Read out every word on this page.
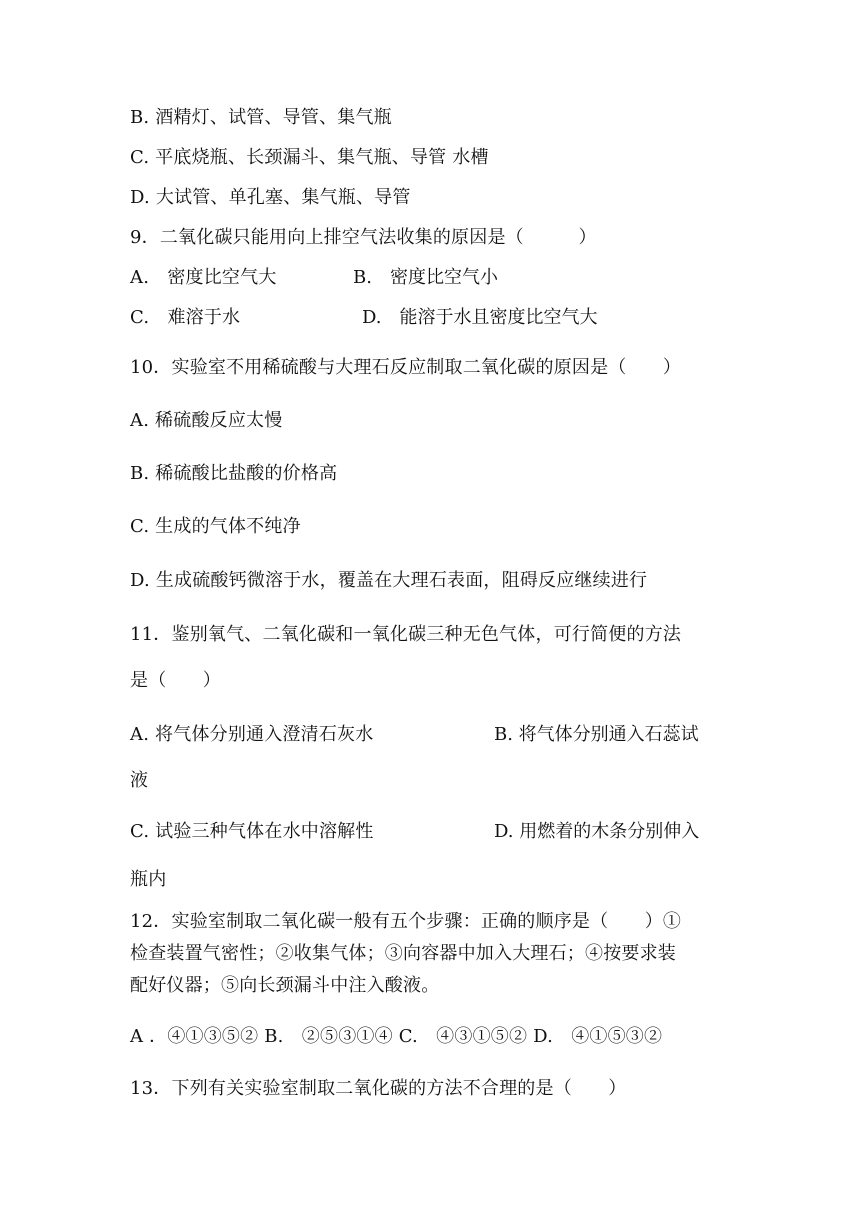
B. 酒精灯、试管、导管、集气瓶
C. 平底烧瓶、长颈漏斗、集气瓶、导管 水槽
D. 大试管、单孔塞、集气瓶、导管
9．二氧化碳只能用向上排空气法收集的原因是（　　　）
A.　密度比空气大	B.　密度比空气小
C.　难溶于水	D.　能溶于水且密度比空气大
10．实验室不用稀硫酸与大理石反应制取二氧化碳的原因是（　　）
A. 稀硫酸反应太慢
B. 稀硫酸比盐酸的价格高
C. 生成的气体不纯净
D. 生成硫酸钙微溶于水，覆盖在大理石表面，阻碍反应继续进行
11．鉴别氧气、二氧化碳和一氧化碳三种无色气体，可行简便的方法
是（　　）
A. 将气体分别通入澄清石灰水	B. 将气体分别通入石蕊试
液
C. 试验三种气体在水中溶解性	D. 用燃着的木条分别伸入
瓶内
12．实验室制取二氧化碳一般有五个步骤：正确的顺序是（　　）①
检查装置气密性；②收集气体；③向容器中加入大理石；④按要求装
配好仪器；⑤向长颈漏斗中注入酸液。
A ．④①③⑤② B.　②⑤③①④ C.　④③①⑤② D.　④①⑤③②
13．下列有关实验室制取二氧化碳的方法不合理的是（　　）
